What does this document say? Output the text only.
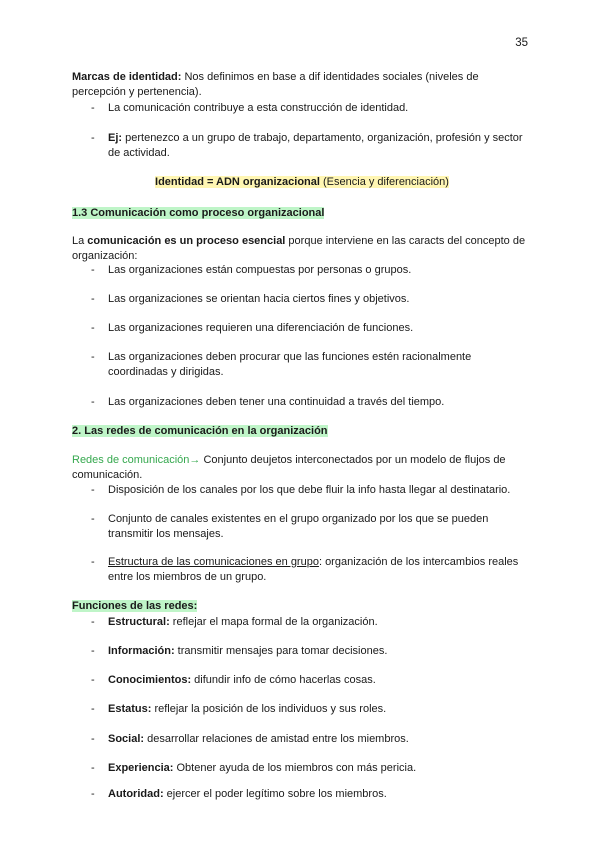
35
Marcas de identidad: Nos definimos en base a dif identidades sociales (niveles de percepción y pertenencia).
- La comunicación contribuye a esta construcción de identidad.
- Ej: pertenezco a un grupo de trabajo, departamento, organización, profesión y sector de actividad.
Identidad = ADN organizacional (Esencia y diferenciación)
1.3 Comunicación como proceso organizacional
La comunicación es un proceso esencial porque interviene en las caracts del concepto de organización:
- Las organizaciones están compuestas por personas o grupos.
- Las organizaciones se orientan hacia ciertos fines y objetivos.
- Las organizaciones requieren una diferenciación de funciones.
- Las organizaciones deben procurar que las funciones estén racionalmente coordinadas y dirigidas.
- Las organizaciones deben tener una continuidad a través del tiempo.
2. Las redes de comunicación en la organización
Redes de comunicación→ Conjunto deujetos interconectados por un modelo de flujos de comunicación.
- Disposición de los canales por los que debe fluir la info hasta llegar al destinatario.
- Conjunto de canales existentes en el grupo organizado por los que se pueden transmitir los mensajes.
- Estructura de las comunicaciones en grupo: organización de los intercambios reales entre los miembros de un grupo.
Funciones de las redes:
- Estructural: reflejar el mapa formal de la organización.
- Información: transmitir mensajes para tomar decisiones.
- Conocimientos: difundir info de cómo hacerlas cosas.
- Estatus: reflejar la posición de los individuos y sus roles.
- Social: desarrollar relaciones de amistad entre los miembros.
- Experiencia: Obtener ayuda de los miembros con más pericia.
- Autoridad: ejercer el poder legítimo sobre los miembros.
